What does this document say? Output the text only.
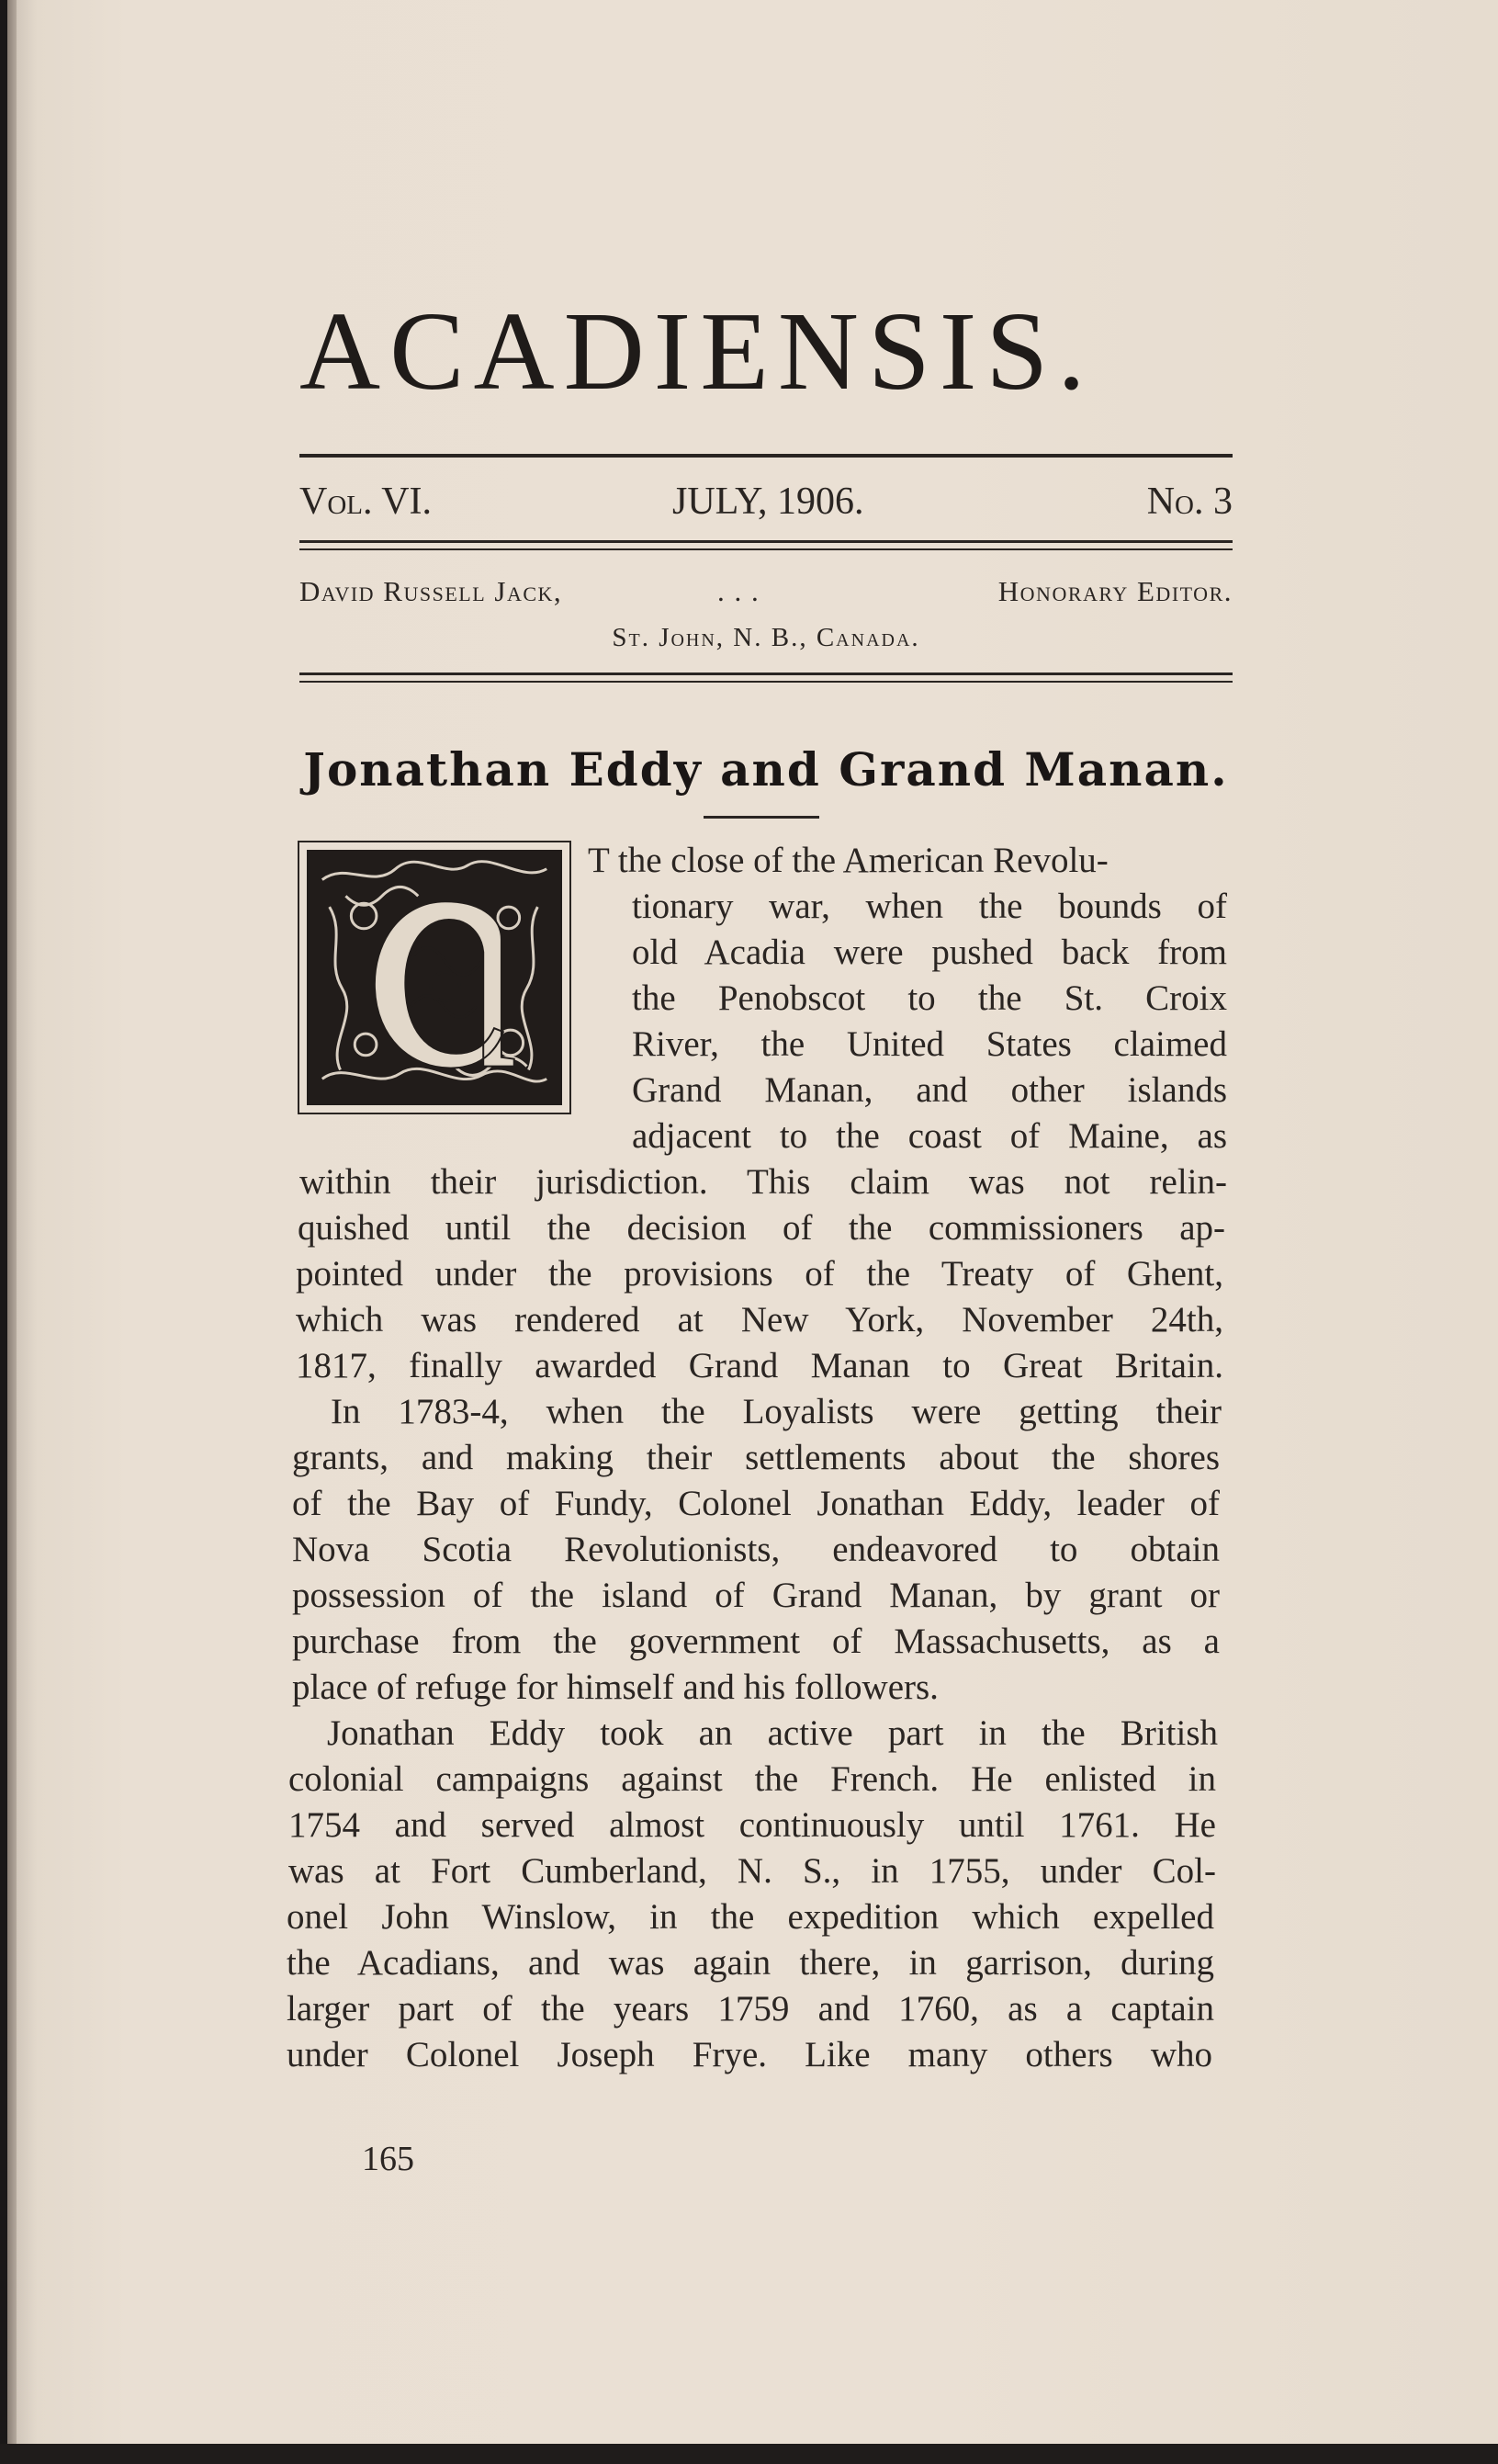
ACADIENSIS.
Vol. VI.	JULY, 1906.	No. 3
David Russell Jack,	. . .	Honorary Editor.
St. John, N. B., Canada.
Jonathan Eddy and Grand Manan.
T the close of the American Revolu-
tionary war, when the bounds of
old Acadia were pushed back from
the Penobscot to the St. Croix
River, the United States claimed
Grand Manan, and other islands
adjacent to the coast of Maine, as
within their jurisdiction. This claim was not relin-
quished until the decision of the commissioners ap-
pointed under the provisions of the Treaty of Ghent,
which was rendered at New York, November 24th,
1817, finally awarded Grand Manan to Great Britain.
In 1783-4, when the Loyalists were getting their
grants, and making their settlements about the shores
of the Bay of Fundy, Colonel Jonathan Eddy, leader of
Nova Scotia Revolutionists, endeavored to obtain
possession of the island of Grand Manan, by grant or
purchase from the government of Massachusetts, as a
place of refuge for himself and his followers.
Jonathan Eddy took an active part in the British
colonial campaigns against the French. He enlisted in
1754 and served almost continuously until 1761. He
was at Fort Cumberland, N. S., in 1755, under Col-
onel John Winslow, in the expedition which expelled
the Acadians, and was again there, in garrison, during
larger part of the years 1759 and 1760, as a captain
under Colonel Joseph Frye. Like many others who
165
